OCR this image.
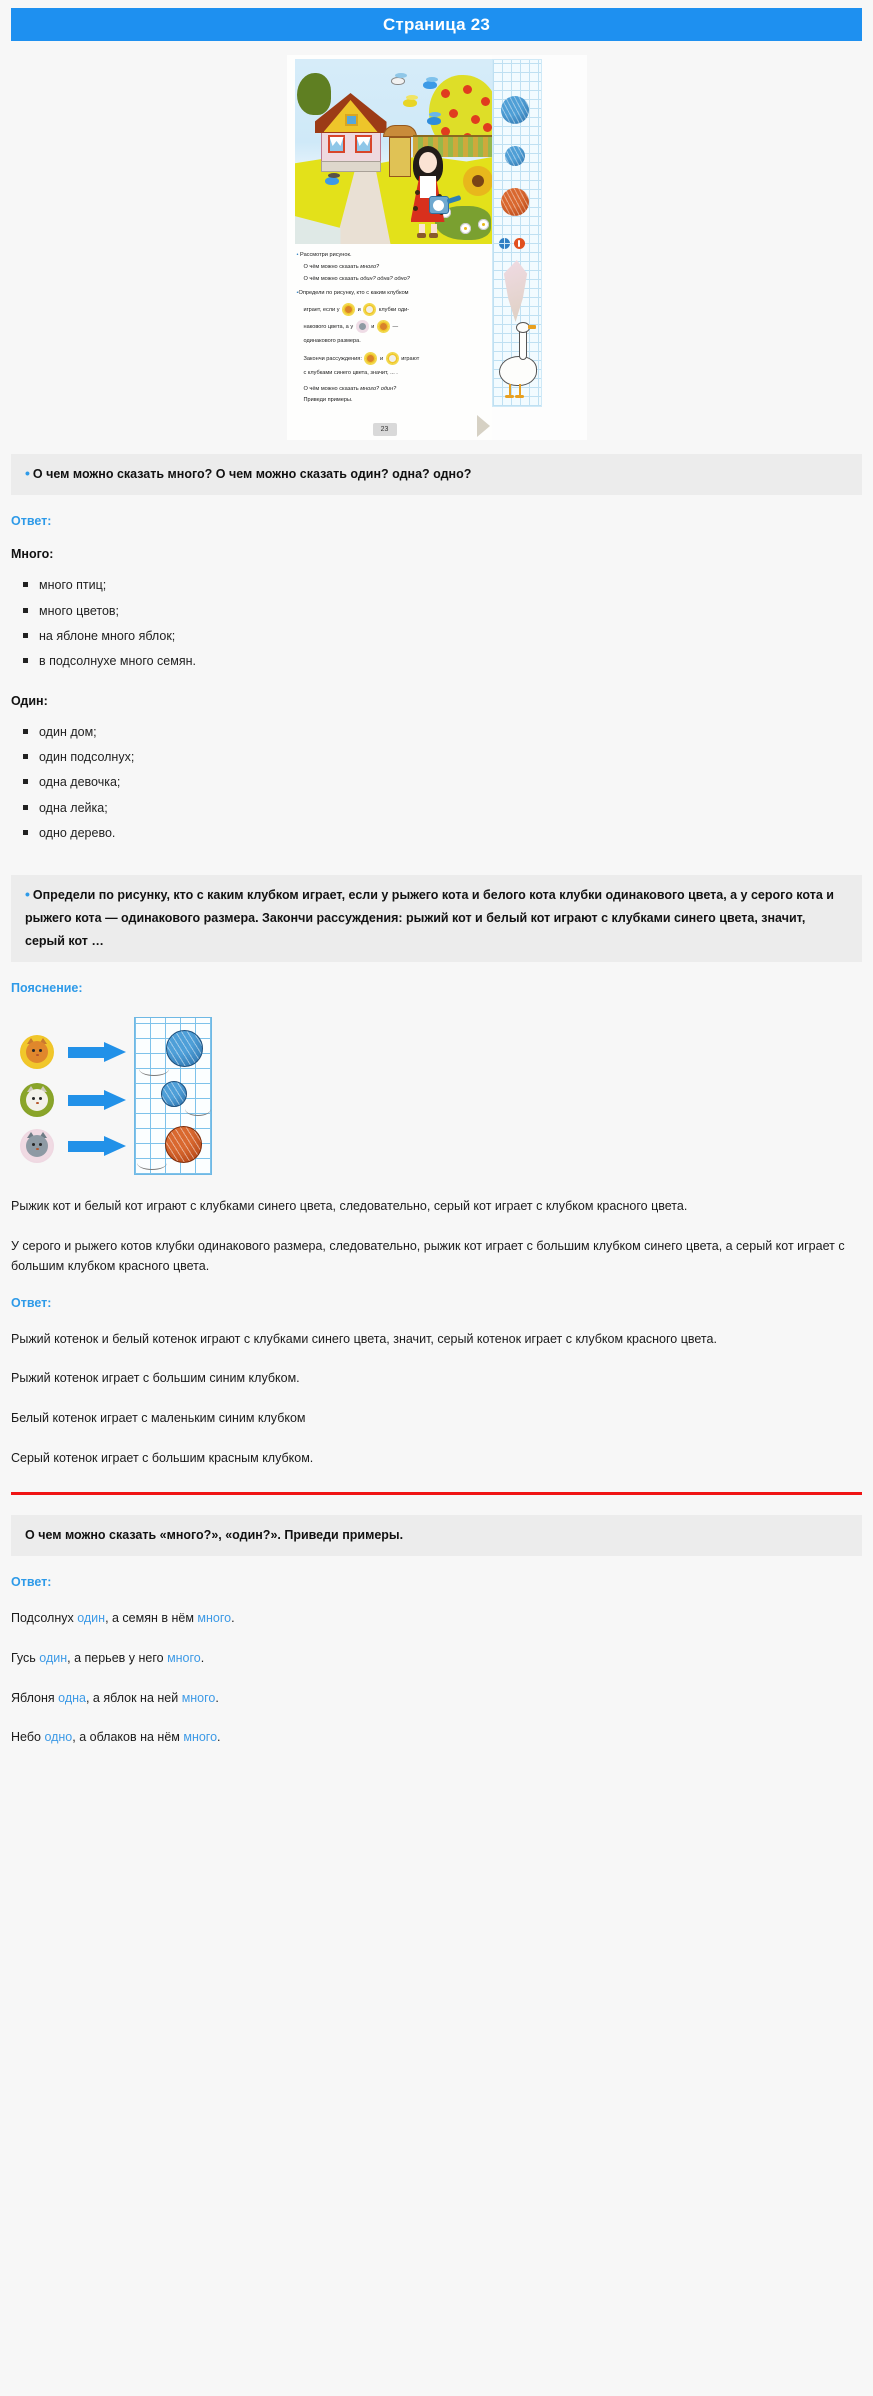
Страница 23

• Рассмотри рисунок.

О чём можно сказать много?

О чём можно сказать один? одна? одно?

•Определи по рисунку, кто с каким клубком

играет, если у	и	клубки оди-

накового цвета, а у	и	—

одинакового размера.

Закончи рассуждения:	и	играют

с клубками синего цвета, значит, ... .

О чём можно сказать много? один?

Приведи примеры.

23
• О чем можно сказать много? О чем можно сказать один? одна? одно?
Ответ:
Много:
много птиц;
много цветов;
на яблоне много яблок;
в подсолнухе много семян.
Один:
один дом;
один подсолнух;
одна девочка;
одна лейка;
одно дерево.
• Определи по рисунку, кто с каким клубком играет, если у рыжего кота и белого кота клубки одинакового цвета, а у серого кота и рыжего кота — одинакового размера. Закончи рассуждения: рыжий кот и белый кот играют с клубками синего цвета, значит, серый кот …
Пояснение:

Рыжик кот и белый кот играют с клубками синего цвета, следовательно, серый кот играет с клубком красного цвета.

У серого и рыжего котов клубки одинакового размера, следовательно, рыжик кот играет с большим клубком синего цвета, а серый кот играет с большим клубком красного цвета.

Ответ:

Рыжий котенок и белый котенок играют с клубками синего цвета, значит, серый котенок играет с клубком красного цвета.

Рыжий котенок играет с большим синим клубком.

Белый котенок играет с маленьким синим клубком

Серый котенок играет с большим красным клубком.

О чем можно сказать «много?», «один?». Приведи примеры.
Ответ:

Подсолнух один, а семян в нём много.

Гусь один, а перьев у него много.

Яблоня одна, а яблок на ней много.

Небо одно, а облаков на нём много.
